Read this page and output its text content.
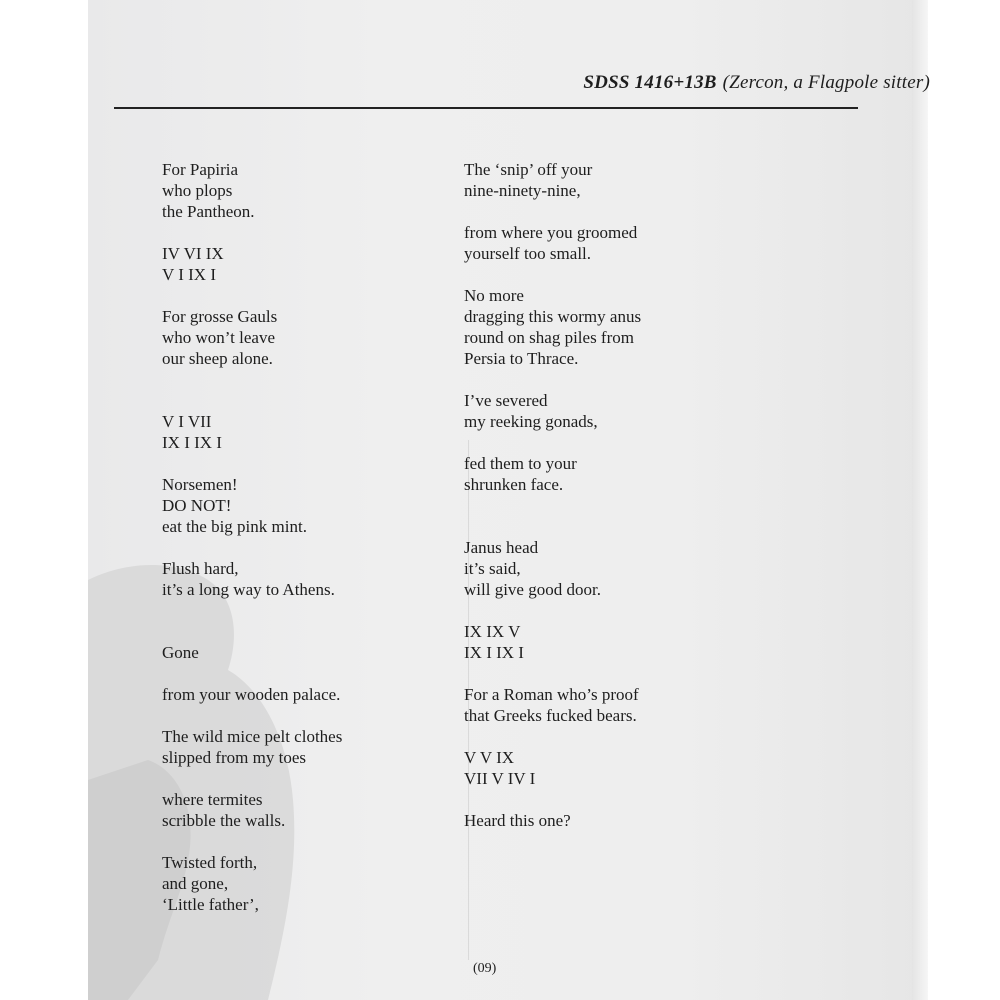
SDSS 1416+13B (Zercon, a Flagpole sitter)
For Papiria
who plops
the Pantheon.
IV VI IX
V I IX I
For grosse Gauls
who won’t leave
our sheep alone.
V I VII
IX I IX I
Norsemen!
DO NOT!
eat the big pink mint.
Flush hard,
it’s a long way to Athens.
Gone
from your wooden palace.
The wild mice pelt clothes
slipped from my toes
where termites
scribble the walls.
Twisted forth,
and gone,
‘Little father’,
The ‘snip’ off your
nine-ninety-nine,
from where you groomed
yourself too small.
No more
dragging this wormy anus
round on shag piles from
Persia to Thrace.
I’ve severed
my reeking gonads,
fed them to your
shrunken face.
Janus head
it’s said,
will give good door.
IX IX V
IX I IX I
For a Roman who’s proof
that Greeks fucked bears.
V V IX
VII V IV I
Heard this one?
(09)
